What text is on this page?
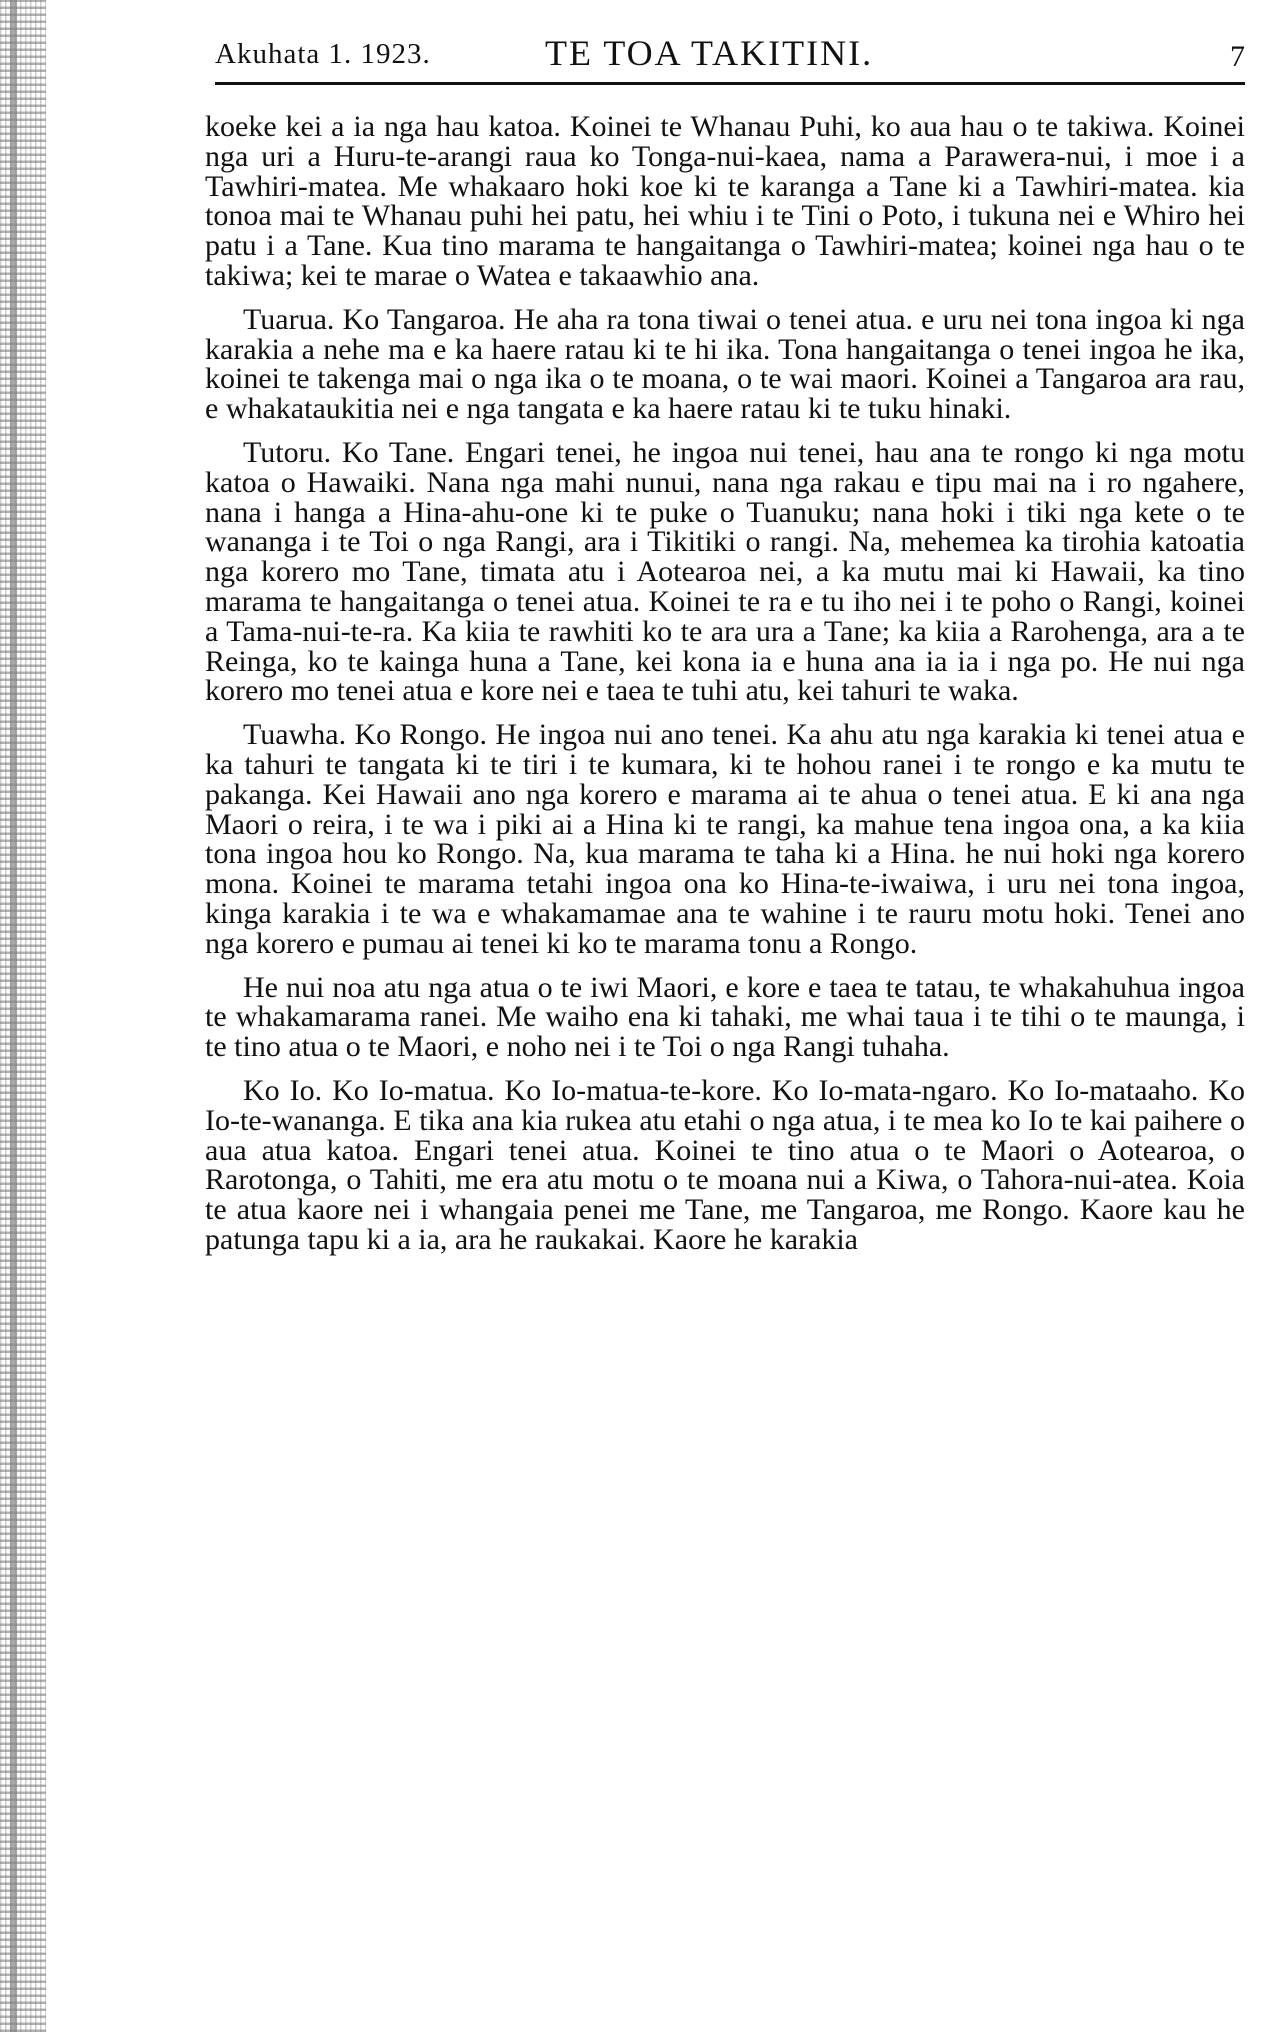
Akuhata 1. 1923.	TE TOA TAKITINI.	7

koeke kei a ia nga hau katoa. Koinei te Whanau Puhi, ko aua hau o te takiwa. Koinei nga uri a Huru-te-arangi raua ko Tonga-nui-kaea, nama a Parawera-nui, i moe i a Tawhiri-matea. Me whakaaro hoki koe ki te karanga a Tane ki a Tawhiri-matea. kia tonoa mai te Whanau puhi hei patu, hei whiu i te Tini o Poto, i tukuna nei e Whiro hei patu i a Tane. Kua tino marama te hangaitanga o Tawhiri-matea; koinei nga hau o te takiwa; kei te marae o Watea e takaawhio ana.

Tuarua. Ko Tangaroa. He aha ra tona tiwai o tenei atua. e uru nei tona ingoa ki nga karakia a nehe ma e ka haere ratau ki te hi ika. Tona hangaitanga o tenei ingoa he ika, koinei te takenga mai o nga ika o te moana, o te wai maori. Koinei a Tangaroa ara rau, e whakataukitia nei e nga tangata e ka haere ratau ki te tuku hinaki.

Tutoru. Ko Tane. Engari tenei, he ingoa nui tenei, hau ana te rongo ki nga motu katoa o Hawaiki. Nana nga mahi nunui, nana nga rakau e tipu mai na i ro ngahere, nana i hanga a Hina-ahu-one ki te puke o Tuanuku; nana hoki i tiki nga kete o te wananga i te Toi o nga Rangi, ara i Tikitiki o rangi. Na, mehemea ka tirohia katoatia nga korero mo Tane, timata atu i Aotearoa nei, a ka mutu mai ki Hawaii, ka tino marama te hangaitanga o tenei atua. Koinei te ra e tu iho nei i te poho o Rangi, koinei a Tama-nui-te-ra. Ka kiia te rawhiti ko te ara ura a Tane; ka kiia a Rarohenga, ara a te Reinga, ko te kainga huna a Tane, kei kona ia e huna ana ia ia i nga po. He nui nga korero mo tenei atua e kore nei e taea te tuhi atu, kei tahuri te waka.

Tuawha. Ko Rongo. He ingoa nui ano tenei. Ka ahu atu nga karakia ki tenei atua e ka tahuri te tangata ki te tiri i te kumara, ki te hohou ranei i te rongo e ka mutu te pakanga. Kei Hawaii ano nga korero e marama ai te ahua o tenei atua. E ki ana nga Maori o reira, i te wa i piki ai a Hina ki te rangi, ka mahue tena ingoa ona, a ka kiia tona ingoa hou ko Rongo. Na, kua marama te taha ki a Hina. he nui hoki nga korero mona. Koinei te marama tetahi ingoa ona ko Hina-te-iwaiwa, i uru nei tona ingoa, kinga karakia i te wa e whakamamae ana te wahine i te rauru motu hoki. Tenei ano nga korero e pumau ai tenei ki ko te marama tonu a Rongo.

He nui noa atu nga atua o te iwi Maori, e kore e taea te tatau, te whakahuhua ingoa te whakamarama ranei. Me waiho ena ki tahaki, me whai taua i te tihi o te maunga, i te tino atua o te Maori, e noho nei i te Toi o nga Rangi tuhaha.

Ko Io. Ko Io-matua. Ko Io-matua-te-kore. Ko Io-mata-ngaro. Ko Io-mataaho. Ko Io-te-wananga. E tika ana kia rukea atu etahi o nga atua, i te mea ko Io te kai paihere o aua atua katoa. Engari tenei atua. Koinei te tino atua o te Maori o Aotearoa, o Rarotonga, o Tahiti, me era atu motu o te moana nui a Kiwa, o Tahora-nui-atea. Koia te atua kaore nei i whangaia penei me Tane, me Tangaroa, me Rongo. Kaore kau he patunga tapu ki a ia, ara he raukakai. Kaore he karakia
